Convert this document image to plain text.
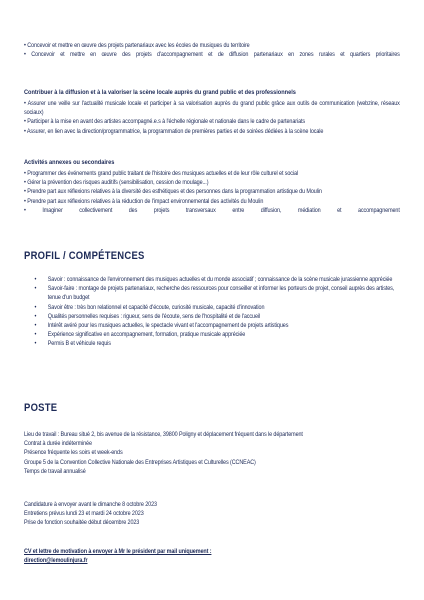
• Concevoir et mettre en œuvre des projets partenariaux avec les écoles de musiques du territoire
• Concevoir et mettre en œuvre des projets d'accompagnement et de diffusion partenariaux en zones rurales et quartiers prioritaires
Contribuer à la diffusion et à la valoriser la scène locale auprès du grand public et des professionnels
• Assurer une veille sur l'actualité musicale locale et participer à sa valorisation auprès du grand public grâce aux outils de communication (webzine, réseaux sociaux)
• Participer à la mise en avant des artistes accompagné.e.s à l'échelle régionale et nationale dans le cadre de partenariats
• Assurer, en lien avec la direction/programmatrice, la programmation de premières parties et de soirées dédiées à la scène locale
Activités annexes ou secondaires
• Programmer des événements grand public traitant de l'histoire des musiques actuelles et de leur rôle culturel et social
• Gérer la prévention des risques auditifs (sensibilisation, cession de moulage...)
• Prendre part aux réflexions relatives à la diversité des esthétiques et des personnes dans la programmation artistique du Moulin
• Prendre part aux réflexions relatives à la réduction de l'impact environnemental des activités du Moulin
• Imaginer collectivement des projets transversaux entre diffusion, médiation et accompagnement
PROFIL / COMPÉTENCES
• Savoir : connaissance de l'environnement des musiques actuelles et du monde associatif ; connaissance de la scène musicale jurassienne appréciée
• Savoir-faire : montage de projets partenariaux, recherche des ressources pour conseiller et informer les porteurs de projet, conseil auprès des artistes, tenue d'un budget
• Savoir être : très bon relationnel et capacité d'écoute, curiosité musicale, capacité d'innovation
• Qualités personnelles requises : rigueur, sens de l'écoute, sens de l'hospitalité et de l'accueil
• Intérêt avéré pour les musiques actuelles, le spectacle vivant et l'accompagnement de projets artistiques
• Expérience significative en accompagnement, formation, pratique musicale appréciée
• Permis B et véhicule requis
POSTE
Lieu de travail : Bureau situé 2, bis avenue de la résistance, 39800 Poligny et déplacement fréquent dans le département
Contrat à durée indéterminée
Présence fréquente les soirs et week-ends
Groupe 5 de la Convention Collective Nationale des Entreprises Artistiques et Culturelles (CCNEAC)
Temps de travail annualisé
Candidature à envoyer avant le dimanche 8 octobre 2023
Entretiens prévus lundi 23 et mardi 24 octobre 2023
Prise de fonction souhaitée début décembre 2023
CV et lettre de motivation à envoyer à Mr le président par mail uniquement :
direction@lemoulinjura.fr
